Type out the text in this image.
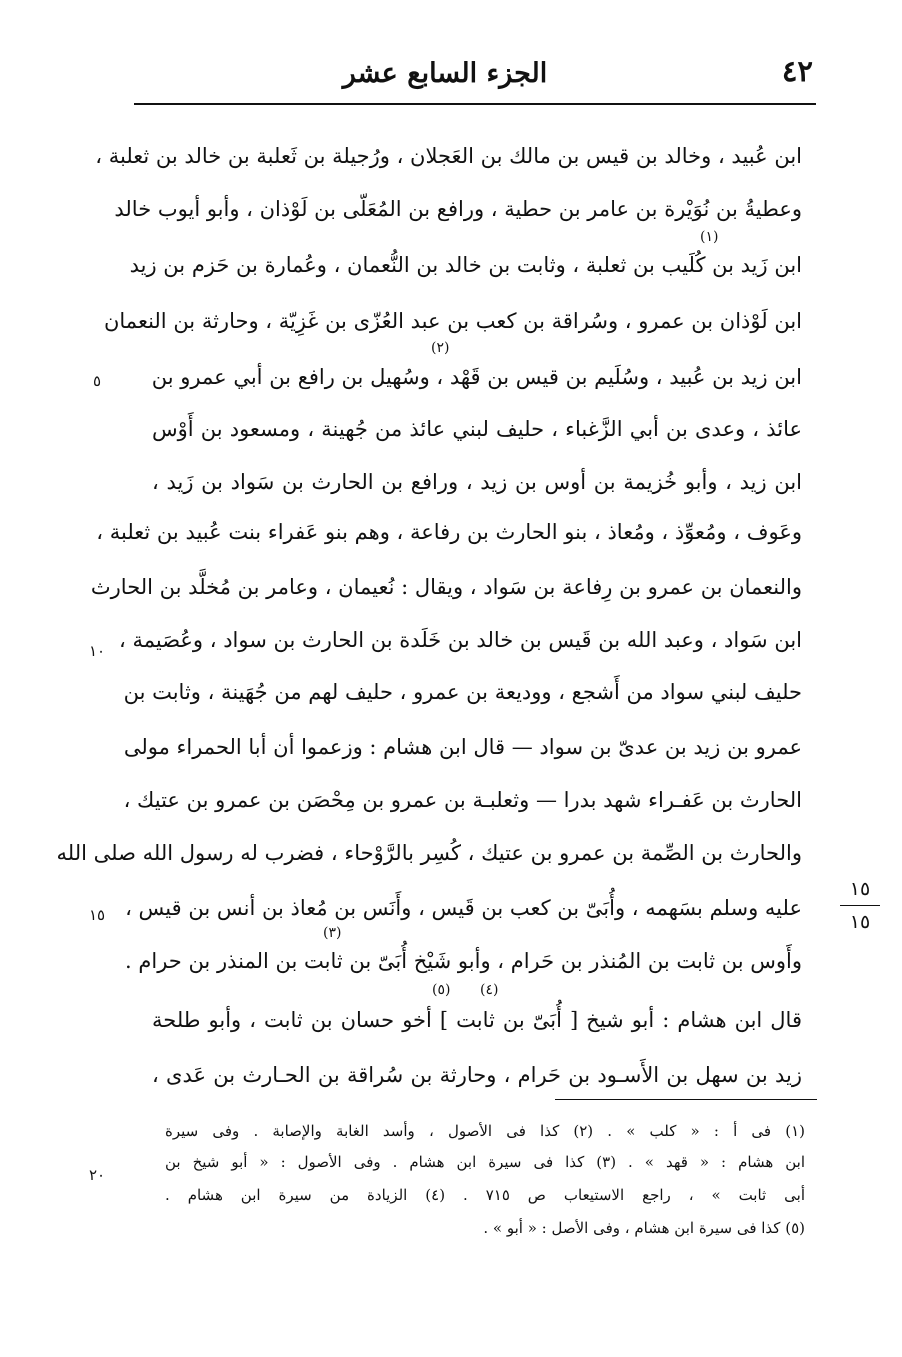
٤٢
الجزء السابع عشر
ابن عُبيد ، وخالد بن قيس بن مالك بن العَجلان ، ورُجيلة بن ثَعلبة بن خالد بن ثعلبة ،
وعطيةُ بن نُوَيْرة بن عامر بن حطية ، ورافع بن المُعَلّى بن لَوْذان ، وأبو أيوب خالد
ابن زَيد بن كُلَيب بن ثعلبة ، وثابت بن خالد بن النُّعمان ، وعُمارة بن حَزم بن زيد
ابن لَوْذان بن عمرو ، وسُراقة بن كعب بن عبد العُزّى بن غَزِيّة ، وحارثة بن النعمان
ابن زيد بن عُبيد ، وسُلَيم بن قيس بن قَهْد ، وسُهيل بن رافع بن أبي عمرو بن
عائذ ، وعدى بن أبي الزَّغباء ، حليف لبني عائذ من جُهينة ، ومسعود بن أَوْس
ابن زيد ، وأبو خُزيمة بن أوس بن زيد ، ورافع بن الحارث بن سَواد بن زَيد ،
وعَوف ، ومُعوِّذ ، ومُعاذ ، بنو الحارث بن رفاعة ، وهم بنو عَفراء بنت عُبيد بن ثعلبة ،
والنعمان بن عمرو بن رِفاعة بن سَواد ، ويقال : نُعيمان ، وعامر بن مُخلَّد بن الحارث
ابن سَواد ، وعبد الله بن قَيس بن خالد بن خَلَدة بن الحارث بن سواد ، وعُصَيمة ،
حليف لبني سواد من أَشجع ، ووديعة بن عمرو ، حليف لهم من جُهَينة ، وثابت بن
عمرو بن زيد بن عدىّ بن سواد — قال ابن هشام : وزعموا أن أبا الحمراء مولى
الحارث بن عَفـراء شهد بدرا — وثعلبـة بن عمرو بن مِحْصَن بن عمرو بن عتيك ،
والحارث بن الصِّمة بن عمرو بن عتيك ، كُسِر بالرَّوْحاء ، فضرب له رسول الله صلى الله
عليه وسلم بسَهمه ، وأُبَىّ بن كعب بن قَيس ، وأَنَس بن مُعاذ بن أنس بن قيس ،
وأَوس بن ثابت بن المُنذر بن حَرام ، وأبو شَيْخ أُبَىّ بن ثابت بن المنذر بن حرام .
قال ابن هشام : أبو شيخ [ أُبَىّ بن ثابت ] أخو حسان بن ثابت ، وأبو طلحة
زيد بن سهل بن الأَسـود بن حَرام ، وحارثة بن سُراقة بن الحـارث بن عَدى ،
(١)
(٢)
(٣)
(٤)
(٥)
٥
١٠
١٥
٢٠
١٥
١٥
(١) فى أ : « كلب » . (٢) كذا فى الأصول ، وأسد الغابة والإصابة . وفى سيرة
ابن هشام : « قهد » . (٣) كذا فى سيرة ابن هشام . وفى الأصول : « أبو شيخ بن
أبى ثابت » ، راجع الاستيعاب ص ٧١٥ . (٤) الزيادة من سيرة ابن هشام .
(٥) كذا فى سيرة ابن هشام ، وفى الأصل : « أبو » .
